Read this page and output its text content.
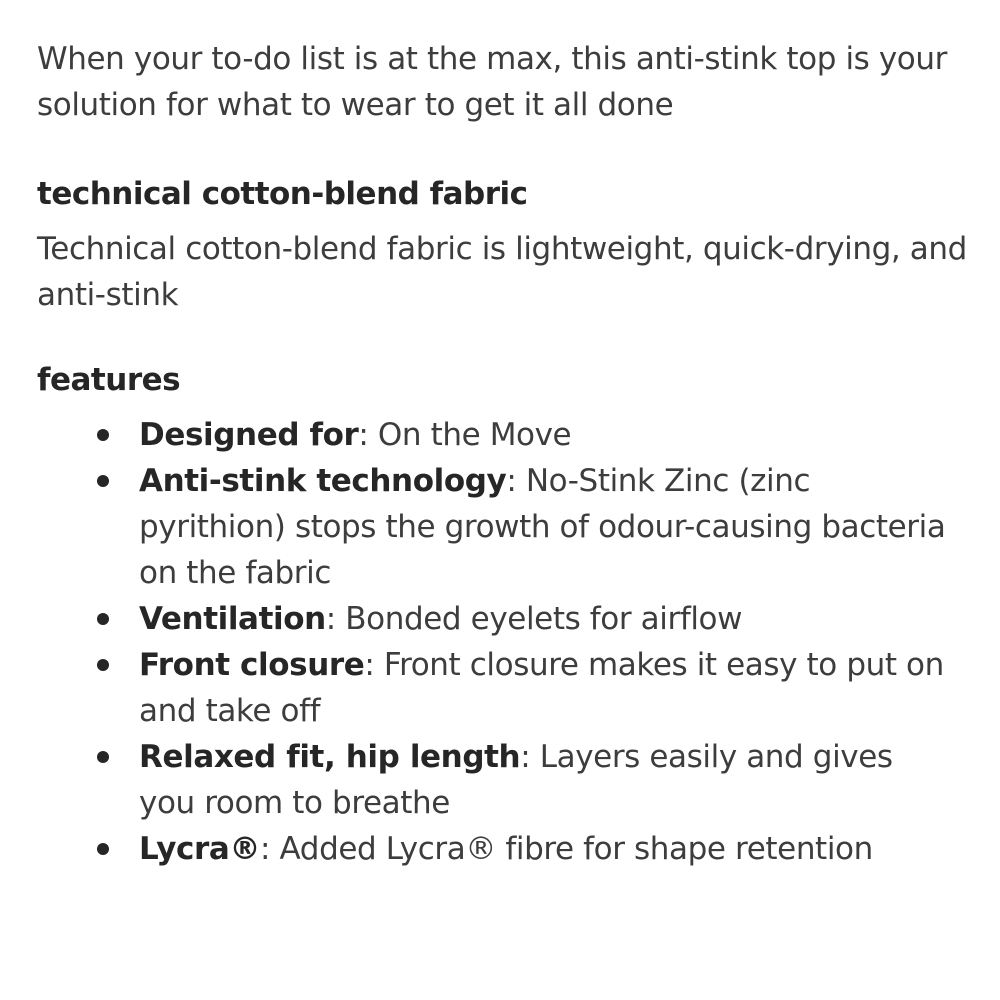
When your to-do list is at the max, this anti-stink top is your solution for what to wear to get it all done

technical cotton-blend fabric

Technical cotton-blend fabric is lightweight, quick-drying, and anti-stink

features
Designed for: On the Move
Anti-stink technology: No-Stink Zinc (zinc pyrithion) stops the growth of odour-causing bacteria on the fabric
Ventilation: Bonded eyelets for airflow
Front closure: Front closure makes it easy to put on and take off
Relaxed fit, hip length: Layers easily and gives you room to breathe
Lycra®: Added Lycra® fibre for shape retention
